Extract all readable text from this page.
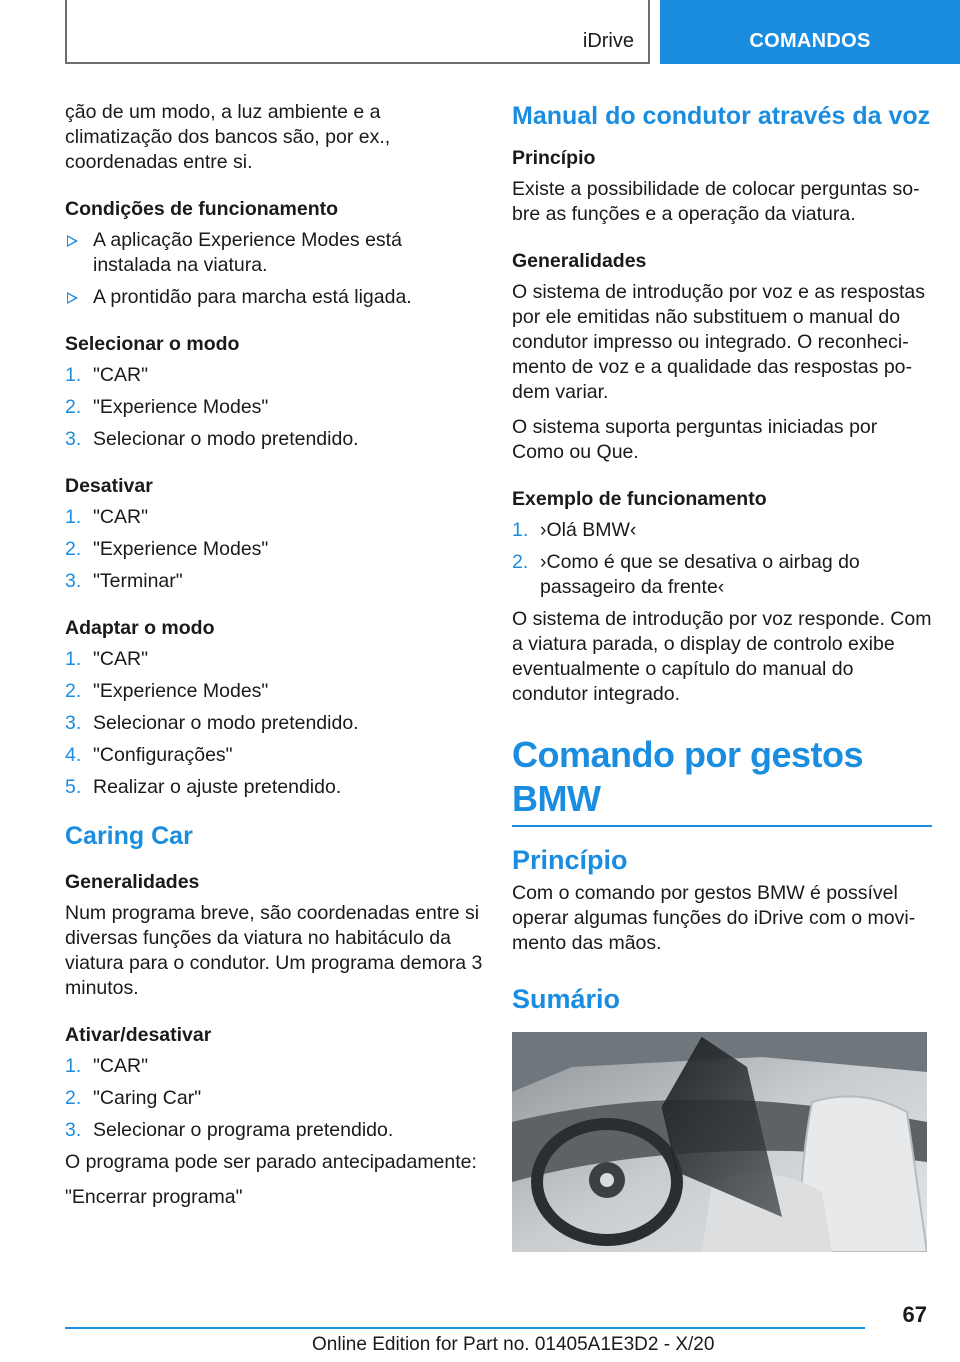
iDrive	COMANDOS

ção de um modo, a luz ambiente e a climatização dos bancos são, por ex., coordenadas entre si.

Condições de funcionamento
A aplicação Experience Modes está instalada na viatura.
A prontidão para marcha está ligada.
Selecionar o modo
1. "CAR"
2. "Experience Modes"
3. Selecionar o modo pretendido.
Desativar
1. "CAR"
2. "Experience Modes"
3. "Terminar"
Adaptar o modo
1. "CAR"
2. "Experience Modes"
3. Selecionar o modo pretendido.
4. "Configurações"
5. Realizar o ajuste pretendido.
Caring Car
Generalidades

Num programa breve, são coordenadas entre si diversas funções da viatura no habitáculo da viatura para o condutor. Um programa demora 3 minutos.

Ativar/desativar
1. "CAR"
2. "Caring Car"
3. Selecionar o programa pretendido.

O programa pode ser parado antecipadamente:

"Encerrar programa"

Manual do condutor através da voz
Princípio

Existe a possibilidade de colocar perguntas sobre as funções e a operação da viatura.

Generalidades

O sistema de introdução por voz e as respostas por ele emitidas não substituem o manual do condutor impresso ou integrado. O reconhecimento de voz e a qualidade das respostas podem variar.

O sistema suporta perguntas iniciadas por Como ou Que.

Exemplo de funcionamento
1. ›Olá BMW‹
2. ›Como é que se desativa o airbag do passageiro da frente‹

O sistema de introdução por voz responde. Com a viatura parada, o display de controlo exibe eventualmente o capítulo do manual do condutor integrado.

Comando por gestos BMW
Princípio

Com o comando por gestos BMW é possível operar algumas funções do iDrive com o movimento das mãos.

Sumário
67
Online Edition for Part no. 01405A1E3D2 - X/20
